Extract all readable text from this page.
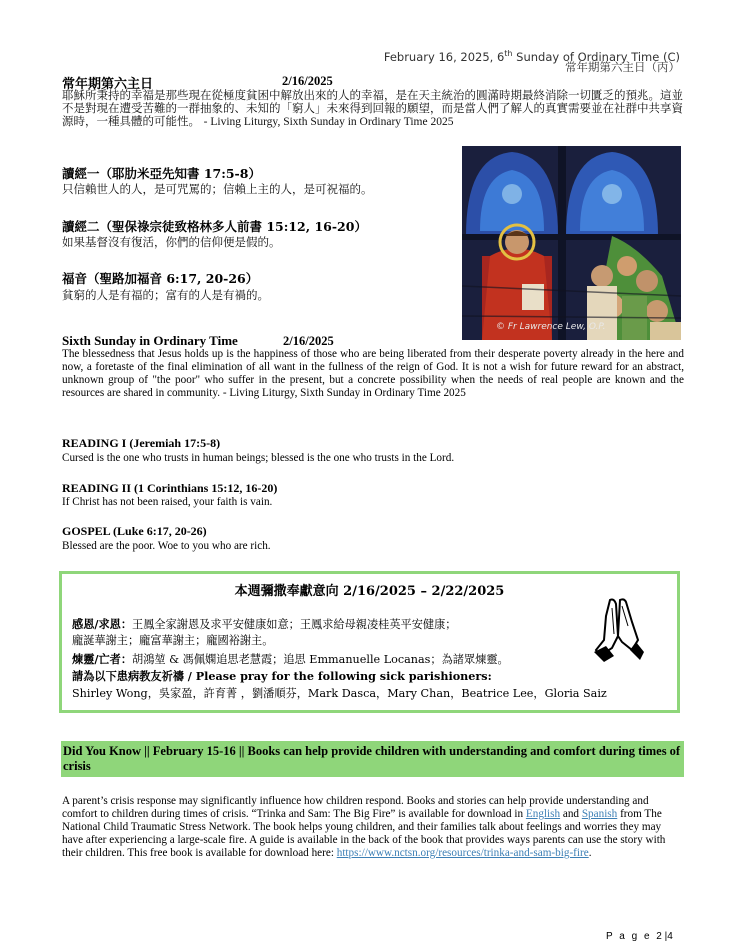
February 16, 2025, 6th Sunday of Ordinary Time (C)
常年期第六主日（丙）
常年期第六主日	2/16/2025
耶穌所秉持的幸福是那些現在從極度貧困中解放出來的人的幸福，是在天主統治的圓滿時期最終消除一切匱乏的預兆。這並不是對現在遭受苦難的一群抽象的、未知的「窮人」未來得到回報的願望，而是當人們了解人的真實需要並在社群中共享資源時，一種具體的可能性。 - Living Liturgy, Sixth Sunday in Ordinary Time 2025
讀經一（耶肋米亞先知書 17:5-8）
只信賴世人的人，是可咒罵的；信賴上主的人，是可祝福的。
讀經二（聖保祿宗徒致格林多人前書 15:12, 16-20）
如果基督沒有復活，你們的信仰便是假的。
福音（聖路加福音 6:17, 20-26）
貧窮的人是有福的；富有的人是有禍的。
© Fr Lawrence Lew, O.P.
Sixth Sunday in Ordinary Time	2/16/2025
The blessedness that Jesus holds up is the happiness of those who are being liberated from their desperate poverty already in the here and now, a foretaste of the final elimination of all want in the fullness of the reign of God. It is not a wish for future reward for an abstract, unknown group of "the poor" who suffer in the present, but a concrete possibility when the needs of real people are known and the resources are shared in community. - Living Liturgy, Sixth Sunday in Ordinary Time 2025
READING I (Jeremiah 17:5-8)
Cursed is the one who trusts in human beings; blessed is the one who trusts in the Lord.
READING II (1 Corinthians 15:12, 16-20)
If Christ has not been raised, your faith is vain.
GOSPEL (Luke 6:17, 20-26)
Blessed are the poor. Woe to you who are rich.
本週彌撒奉獻意向 2/16/2025 – 2/22/2025
感恩/求恩：王鳳全家謝恩及求平安健康如意；王鳳求給母親凌桂英平安健康；
龐誕華謝主；龐富華謝主；龐國裕謝主。
煉靈/亡者：胡鴻堃 & 馮佩嫻追思老慧霞；追思 Emmanuelle Locanas；為諸眾煉靈。
請為以下患病教友祈禱 / Please pray for the following sick parishioners:
Shirley Wong，吳家盈，許育菁 ，劉潘順芬，Mark Dasca，Mary Chan，Beatrice Lee，Gloria Saiz
Did You Know || February 15-16 || Books can help provide children with understanding and comfort during times of crisis
A parent’s crisis response may significantly influence how children respond. Books and stories can help provide understanding and comfort to children during times of crisis. “Trinka and Sam: The Big Fire” is available for download in English and Spanish from The National Child Traumatic Stress Network. The book helps young children, and their families talk about feelings and worries they may have after experiencing a large-scale fire. A guide is available in the back of the book that provides ways parents can use the story with their children. This free book is available for download here: https://www.nctsn.org/resources/trinka-and-sam-big-fire.
P a g e 2 |4
